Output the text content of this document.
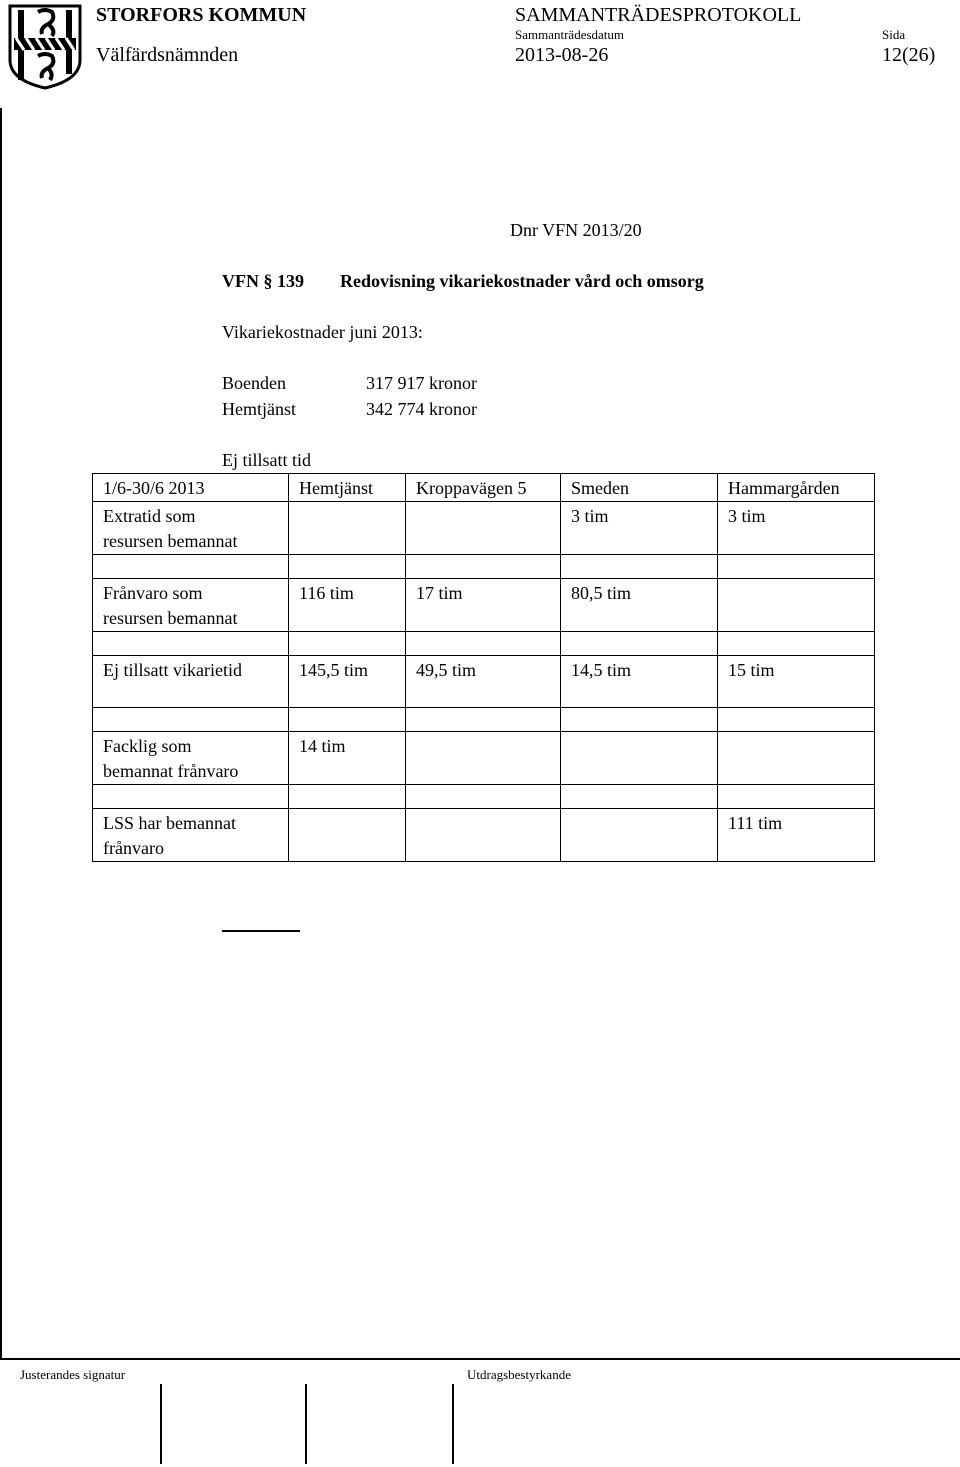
STORFORS KOMMUN
Välfärdsnämnden
SAMMANTRÄDESPROTOKOLL
Sammanträdesdatum
2013-08-26
Sida
12(26)
Dnr VFN 2013/20
VFN § 139 Redovisning vikariekostnader vård och omsorg
Vikariekostnader juni 2013:
Boenden	317 917 kronor
Hemtjänst	342 774 kronor
Ej tillsatt tid
1/6-30/6 2013	Hemtjänst	Kroppavägen 5	Smeden	Hammargården
Extratid som
resursen bemannat			3 tim	3 tim

Frånvaro som
resursen bemannat	116 tim	17 tim	80,5 tim	

Ej tillsatt vikarietid	145,5 tim	49,5 tim	14,5 tim	15 tim

Facklig som
bemannat frånvaro	14 tim			

LSS har bemannat
frånvaro				111 tim
Justerandes signatur	Utdragsbestyrkande
